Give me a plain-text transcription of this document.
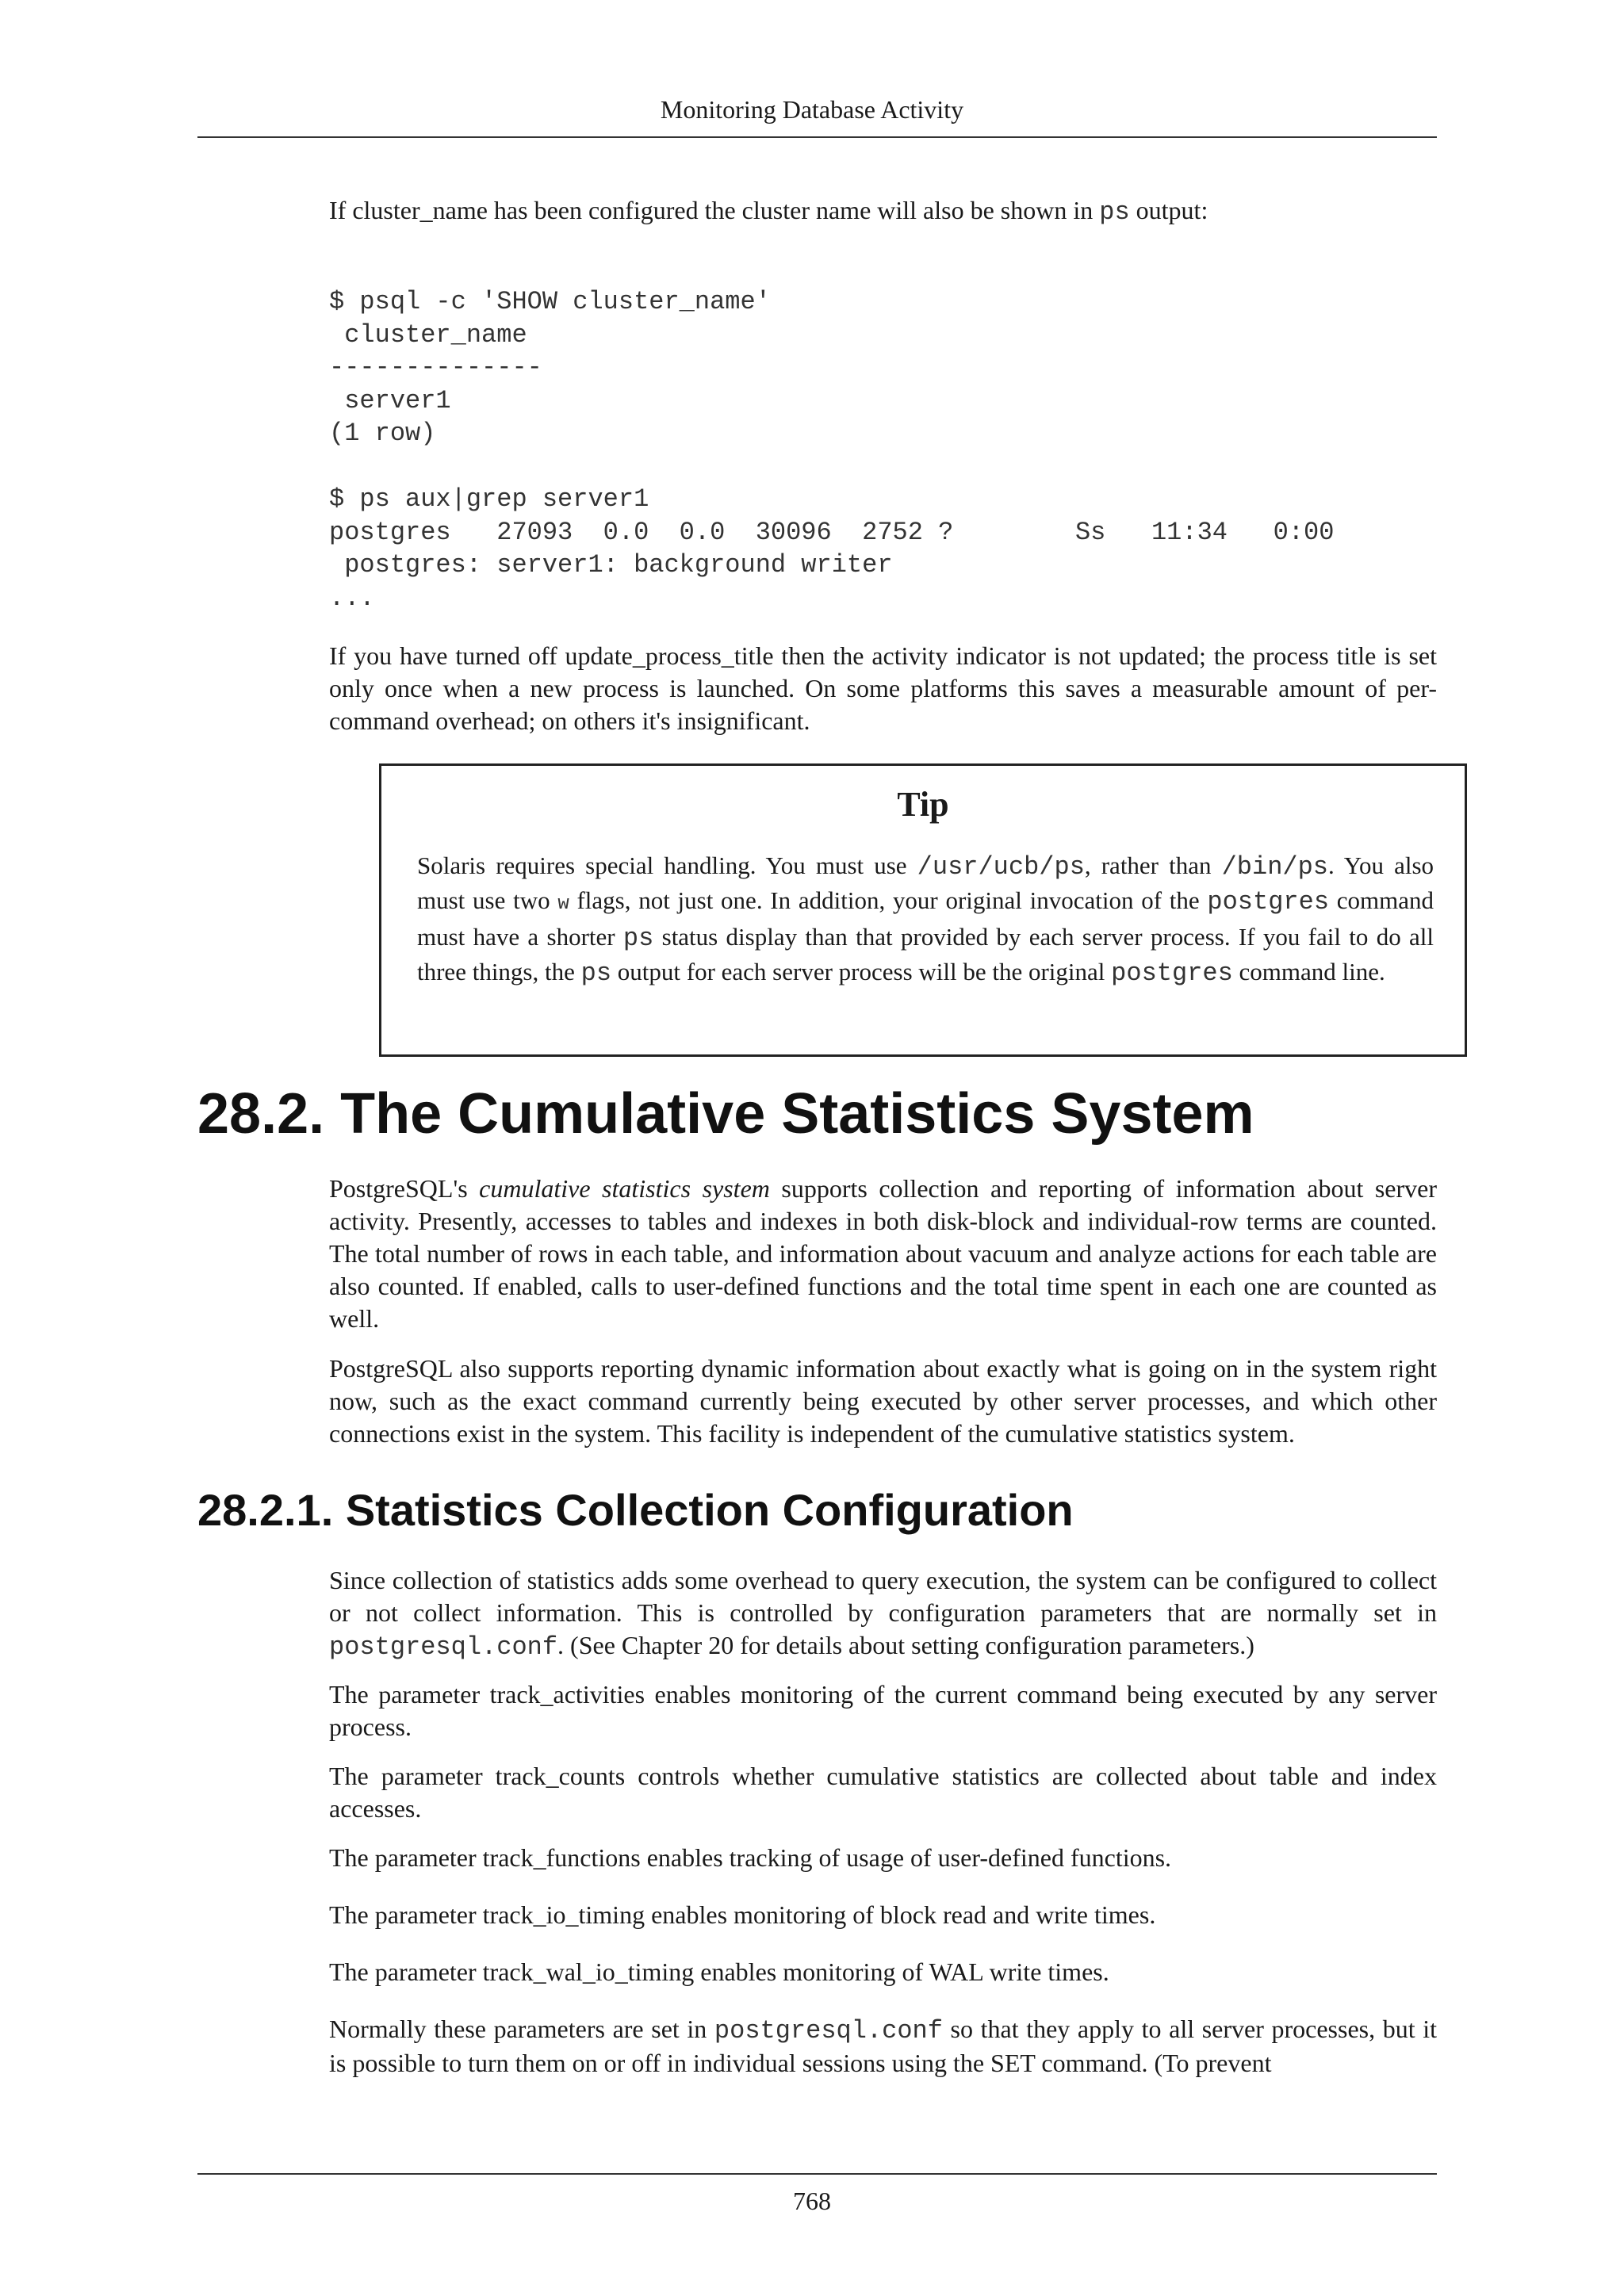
Monitoring Database Activity

If cluster_name has been configured the cluster name will also be shown in ps output:

$ psql -c 'SHOW cluster_name'
cluster_name
--------------
server1
(1 row)

$ ps aux|grep server1
postgres   27093  0.0  0.0  30096  2752 ?        Ss   11:34   0:00
postgres: server1: background writer
...

If you have turned off update_process_title then the activity indicator is not updated; the process title is set only once when a new process is launched. On some platforms this saves a measurable amount of per-command overhead; on others it's insignificant.

Tip

Solaris requires special handling. You must use /usr/ucb/ps, rather than /bin/ps. You also must use two w flags, not just one. In addition, your original invocation of the postgres command must have a shorter ps status display than that provided by each server process. If you fail to do all three things, the ps output for each server process will be the original postgres command line.

28.2. The Cumulative Statistics System

PostgreSQL's cumulative statistics system supports collection and reporting of information about server activity. Presently, accesses to tables and indexes in both disk-block and individual-row terms are counted. The total number of rows in each table, and information about vacuum and analyze actions for each table are also counted. If enabled, calls to user-defined functions and the total time spent in each one are counted as well.

PostgreSQL also supports reporting dynamic information about exactly what is going on in the system right now, such as the exact command currently being executed by other server processes, and which other connections exist in the system. This facility is independent of the cumulative statistics system.

28.2.1. Statistics Collection Configuration

Since collection of statistics adds some overhead to query execution, the system can be configured to collect or not collect information. This is controlled by configuration parameters that are normally set in postgresql.conf. (See Chapter 20 for details about setting configuration parameters.)

The parameter track_activities enables monitoring of the current command being executed by any server process.

The parameter track_counts controls whether cumulative statistics are collected about table and index accesses.

The parameter track_functions enables tracking of usage of user-defined functions.

The parameter track_io_timing enables monitoring of block read and write times.

The parameter track_wal_io_timing enables monitoring of WAL write times.

Normally these parameters are set in postgresql.conf so that they apply to all server processes, but it is possible to turn them on or off in individual sessions using the SET command. (To prevent

768
